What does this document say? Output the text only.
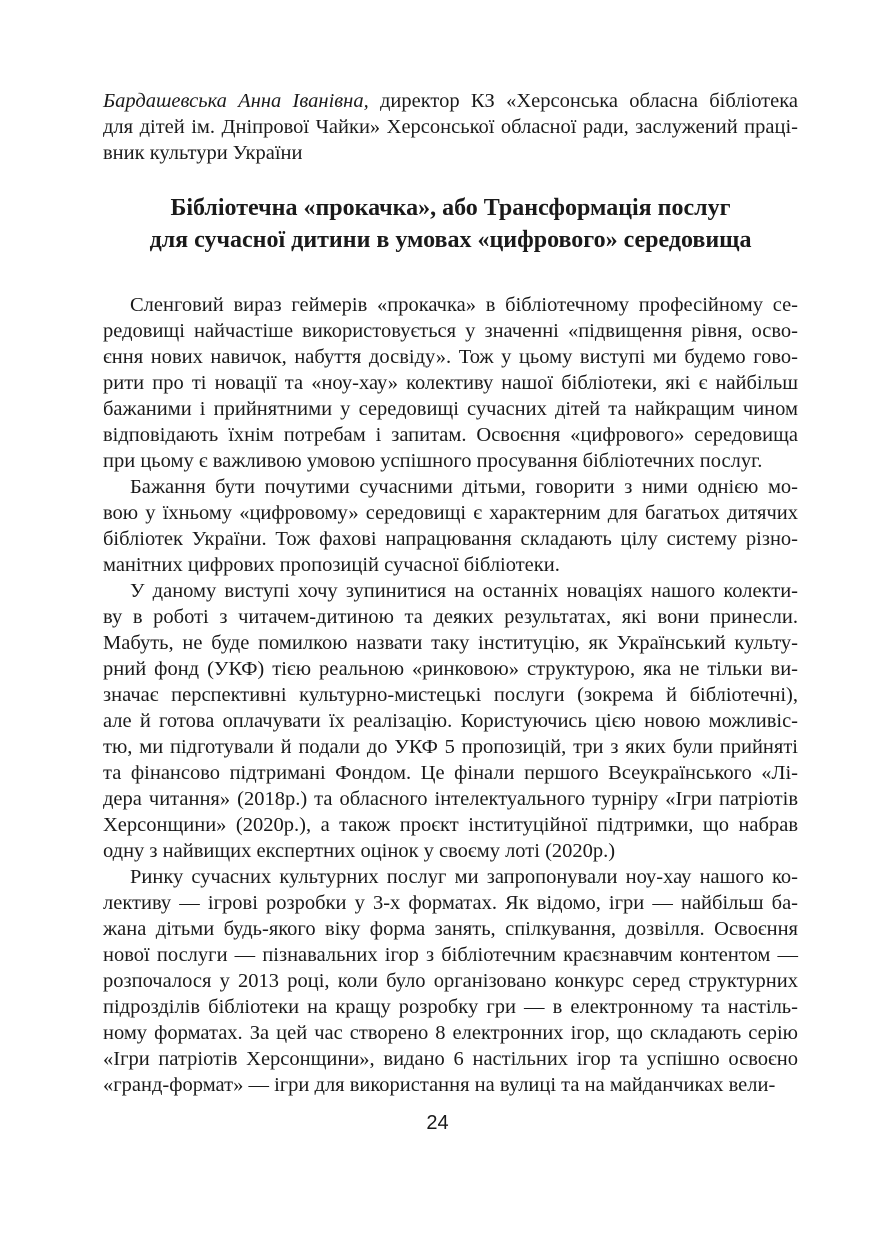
Бардашевська Анна Іванівна, директор КЗ «Херсонська обласна бібліотека
для дітей ім. Дніпрової Чайки» Херсонської обласної ради, заслужений праці-
вник культури України
Бібліотечна «прокачка», або Трансформація послуг
для сучасної дитини в умовах «цифрового» середовища
Сленговий вираз геймерів «прокачка» в бібліотечному професійному се-
редовищі найчастіше використовується у значенні «підвищення рівня, осво-
єння нових навичок, набуття досвіду». Тож у цьому виступі ми будемо гово-
рити про ті новації та «ноу-хау» колективу нашої бібліотеки, які є найбільш
бажаними і прийнятними у середовищі сучасних дітей та найкращим чином
відповідають їхнім потребам і запитам. Освоєння «цифрового» середовища
при цьому є важливою умовою успішного просування бібліотечних послуг.
Бажання бути почутими сучасними дітьми, говорити з ними однією мо-
вою у їхньому «цифровому» середовищі є характерним для багатьох дитячих
бібліотек України. Тож фахові напрацювання складають цілу систему різно-
манітних цифрових пропозицій сучасної бібліотеки.
У даному виступі хочу зупинитися на останніх новаціях нашого колекти-
ву в роботі з читачем-дитиною та деяких результатах, які вони принесли.
Мабуть, не буде помилкою назвати таку інституцію, як Український культу-
рний фонд (УКФ) тією реальною «ринковою» структурою, яка не тільки ви-
значає перспективні культурно-мистецькі послуги (зокрема й бібліотечні),
але й готова оплачувати їх реалізацію. Користуючись цією новою можливіс-
тю, ми підготували й подали до УКФ 5 пропозицій, три з яких були прийняті
та фінансово підтримані Фондом. Це фінали першого Всеукраїнського «Лі-
дера читання» (2018р.) та обласного інтелектуального турніру «Ігри патріотів
Херсонщини» (2020р.), а також проєкт інституційної підтримки, що набрав
одну з найвищих експертних оцінок у своєму лоті (2020р.)
Ринку сучасних культурних послуг ми запропонували ноу-хау нашого ко-
лективу — ігрові розробки у 3-х форматах. Як відомо, ігри — найбільш ба-
жана дітьми будь-якого віку форма занять, спілкування, дозвілля. Освоєння
нової послуги — пізнавальних ігор з бібліотечним краєзнавчим контентом —
розпочалося у 2013 році, коли було організовано конкурс серед структурних
підрозділів бібліотеки на кращу розробку гри — в електронному та настіль-
ному форматах. За цей час створено 8 електронних ігор, що складають серію
«Ігри патріотів Херсонщини», видано 6 настільних ігор та успішно освоєно
«гранд-формат» — ігри для використання на вулиці та на майданчиках вели-
24
